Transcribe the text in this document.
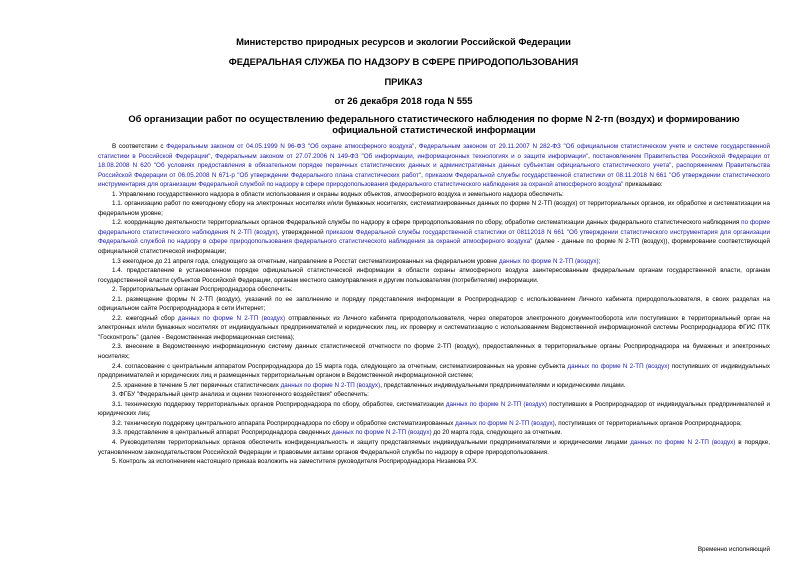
Министерство природных ресурсов и экологии Российской Федерации
ФЕДЕРАЛЬНАЯ СЛУЖБА ПО НАДЗОРУ В СФЕРЕ ПРИРОДОПОЛЬЗОВАНИЯ
ПРИКАЗ
от 26 декабря 2018 года N 555
Об организации работ по осуществлению федерального статистического наблюдения по форме N 2-тп (воздух) и формированию официальной статистической информации

В соответствии с Федеральным законом от 04.05.1999 N 96-ФЗ "Об охране атмосферного воздуха", Федеральным законом от 29.11.2007 N 282-ФЗ "Об официальном статистическом учете и системе государственной статистики в Российской Федерации", Федеральным законом от 27.07.2006 N 149-ФЗ "Об информации, информационных технологиях и о защите информации", постановлением Правительства Российской Федерации от 18.08.2008 N 620 "Об условиях предоставления в обязательном порядке первичных статистических данных и административных данных субъектам официального статистического учета", распоряжением Правительства Российской Федерации от 06.05.2008 N 671-р "Об утверждении Федерального плана статистических работ", приказом Федеральной службы государственной статистики от 08.11.2018 N 661 "Об утверждении статистического инструментария для организации Федеральной службой по надзору в сфере природопользования федерального статистического наблюдения за охраной атмосферного воздуха" приказываю:

1. Управлению государственного надзора в области использования и охраны водных объектов, атмосферного воздуха и земельного надзора обеспечить:

1.1. организацию работ по ежегодному сбору на электронных носителях и/или бумажных носителях, систематизированных данных по форме N 2-ТП (воздух) от территориальных органов, их обработке и систематизации на федеральном уровне;

1.2. координацию деятельности территориальных органов Федеральной службы по надзору в сфере природопользования по сбору, обработке систематизации данных федерального статистического наблюдения по форме федерального статистического наблюдения N 2-ТП (воздух), утвержденной приказом Федеральной службы государственной статистики от 08112018 N 661 "Об утверждении статистического инструментария для организации Федеральной службой по надзору в сфере природопользования федерального статистического наблюдения за охраной атмосферного воздуха" (далее - данные по форме N 2-ТП (воздух)), формирование соответствующей официальной статистической информации;

1.3 ежегодное до 21 апреля года, следующего за отчетным, направление в Росстат систематизированных на федеральном уровне данных по форме N 2-ТП (воздух);

1.4. предоставление в установленном порядке официальной статистической информации в области охраны атмосферного воздуха заинтересованным федеральным органам государственной власти, органам государственной власти субъектов Российской Федерации, органам местного самоуправления и другим пользователям (потребителям) информации.

2. Территориальным органам Росприроднадзора обеспечить:

2.1. размещение формы N 2-ТП (воздух), указаний по ее заполнению и порядку представления информации в Росприроднадзор с использованием Личного кабинета природопользователя, в своих разделах на официальном сайте Росприроднадзора в сети Интернет;

2.2. ежегодный сбор данных по форме N 2-ТП (воздух) отправленных из Личного кабинета природопользователя, через операторов электронного документооборота или поступивших в территориальный орган на электронных и/или бумажных носителях от индивидуальных предпринимателей и юридических лиц, их проверку и систематизацию с использованием Ведомственной информационной системы Росприроднадзора ФГИС ПТК "Госконтроль" (далее - Ведомственная информационная система);

2.3. внесение в Ведомственную информационную систему данных статистической отчетности по форме 2-ТП (воздух), предоставленных в территориальные органы Росприроднадзора на бумажных и электронных носителях;

2.4. согласование с центральным аппаратом Росприроднадзора до 15 марта года, следующего за отчетным, систематизированных на уровне субъекта данных по форме N 2-ТП (воздух) поступивших от индивидуальных предпринимателей и юридических лиц и размещенных территориальным органом в Ведомственной информационной системе;

2.5. хранение в течение 5 лет первичных статистических данных по форме N 2-ТП (воздух), представленных индивидуальными предпринимателями и юридическими лицами.

3. ФГБУ "Федеральный центр анализа и оценки техногенного воздействия" обеспечить:

3.1. техническую поддержку территориальных органов Росприроднадзора по сбору, обработке, систематизации данных по форме N 2-ТП (воздух) поступивших в Росприроднадзор от индивидуальных предпринимателей и юридических лиц;

3.2. техническую поддержку центрального аппарата Росприроднадзора по сбору и обработке систематизированных данных по форме N 2-ТП (воздух), поступивших от территориальных органов Росприроднадзора;

3.3. представление в центральный аппарат Росприроднадзора сведенных данных по форме N 2-ТП (воздух) до 20 марта года, следующего за отчетным.

4. Руководителям территориальных органов обеспечить конфиденциальность и защиту представляемых индивидуальными предпринимателями и юридическими лицами данных по форме N 2-ТП (воздух) в порядке, установленном законодательством Российской Федерации и правовыми актами органов Федеральной службы по надзору в сфере природопользования.

5. Контроль за исполнением настоящего приказа возложить на заместителя руководителя Росприроднадзора Низамова Р.Х.

Временно исполняющий
